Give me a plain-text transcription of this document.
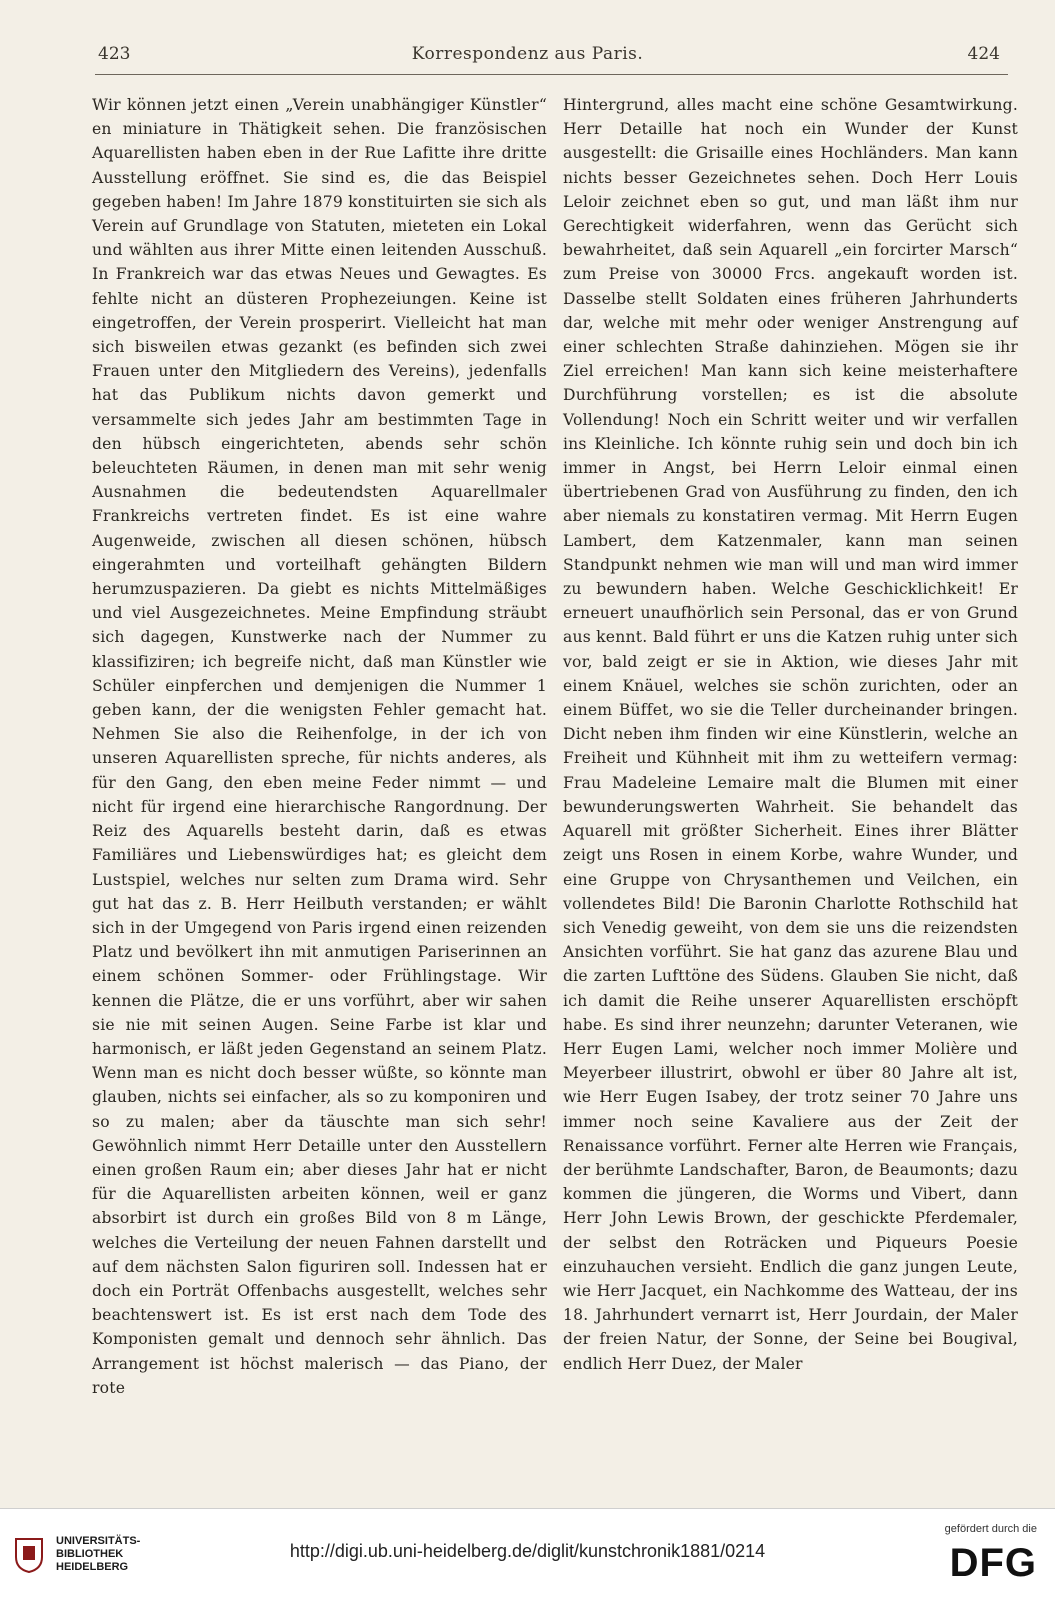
423	Korrespondenz aus Paris.	424

Wir können jetzt einen „Verein unabhängiger Künstler“ en miniature in Thätigkeit sehen. Die französischen Aquarellisten haben eben in der Rue Lafitte ihre dritte Ausstellung eröffnet. Sie sind es, die das Beispiel gegeben haben! Im Jahre 1879 konstituirten sie sich als Verein auf Grundlage von Statuten, mieteten ein Lokal und wählten aus ihrer Mitte einen leitenden Ausschuß. In Frankreich war das etwas Neues und Gewagtes. Es fehlte nicht an düsteren Prophezeiungen. Keine ist eingetroffen, der Verein prosperirt. Vielleicht hat man sich bisweilen etwas gezankt (es befinden sich zwei Frauen unter den Mitgliedern des Vereins), jedenfalls hat das Publikum nichts davon gemerkt und versammelte sich jedes Jahr am bestimmten Tage in den hübsch eingerichteten, abends sehr schön beleuchteten Räumen, in denen man mit sehr wenig Ausnahmen die bedeutendsten Aquarellmaler Frankreichs vertreten findet. Es ist eine wahre Augenweide, zwischen all diesen schönen, hübsch eingerahmten und vorteilhaft gehängten Bildern herumzuspazieren. Da giebt es nichts Mittelmäßiges und viel Ausgezeichnetes. Meine Empfindung sträubt sich dagegen, Kunstwerke nach der Nummer zu klassifiziren; ich begreife nicht, daß man Künstler wie Schüler einpferchen und demjenigen die Nummer 1 geben kann, der die wenigsten Fehler gemacht hat. Nehmen Sie also die Reihenfolge, in der ich von unseren Aquarellisten spreche, für nichts anderes, als für den Gang, den eben meine Feder nimmt — und nicht für irgend eine hierarchische Rangordnung. Der Reiz des Aquarells besteht darin, daß es etwas Familiäres und Liebenswürdiges hat; es gleicht dem Lustspiel, welches nur selten zum Drama wird. Sehr gut hat das z. B. Herr Heilbuth verstanden; er wählt sich in der Umgegend von Paris irgend einen reizenden Platz und bevölkert ihn mit anmutigen Pariserinnen an einem schönen Sommer- oder Frühlingstage. Wir kennen die Plätze, die er uns vorführt, aber wir sahen sie nie mit seinen Augen. Seine Farbe ist klar und harmonisch, er läßt jeden Gegenstand an seinem Platz. Wenn man es nicht doch besser wüßte, so könnte man glauben, nichts sei einfacher, als so zu komponiren und so zu malen; aber da täuschte man sich sehr! Gewöhnlich nimmt Herr Detaille unter den Ausstellern einen großen Raum ein; aber dieses Jahr hat er nicht für die Aquarellisten arbeiten können, weil er ganz absorbirt ist durch ein großes Bild von 8 m Länge, welches die Verteilung der neuen Fahnen darstellt und auf dem nächsten Salon figuriren soll. Indessen hat er doch ein Porträt Offenbachs ausgestellt, welches sehr beachtenswert ist. Es ist erst nach dem Tode des Komponisten gemalt und dennoch sehr ähnlich. Das Arrangement ist höchst malerisch — das Piano, der rote

Hintergrund, alles macht eine schöne Gesamtwirkung. Herr Detaille hat noch ein Wunder der Kunst ausgestellt: die Grisaille eines Hochländers. Man kann nichts besser Gezeichnetes sehen. Doch Herr Louis Leloir zeichnet eben so gut, und man läßt ihm nur Gerechtigkeit widerfahren, wenn das Gerücht sich bewahrheitet, daß sein Aquarell „ein forcirter Marsch“ zum Preise von 30000 Frcs. angekauft worden ist. Dasselbe stellt Soldaten eines früheren Jahrhunderts dar, welche mit mehr oder weniger Anstrengung auf einer schlechten Straße dahinziehen. Mögen sie ihr Ziel erreichen! Man kann sich keine meisterhaftere Durchführung vorstellen; es ist die absolute Vollendung! Noch ein Schritt weiter und wir verfallen ins Kleinliche. Ich könnte ruhig sein und doch bin ich immer in Angst, bei Herrn Leloir einmal einen übertriebenen Grad von Ausführung zu finden, den ich aber niemals zu konstatiren vermag. Mit Herrn Eugen Lambert, dem Katzenmaler, kann man seinen Standpunkt nehmen wie man will und man wird immer zu bewundern haben. Welche Geschicklichkeit! Er erneuert unaufhörlich sein Personal, das er von Grund aus kennt. Bald führt er uns die Katzen ruhig unter sich vor, bald zeigt er sie in Aktion, wie dieses Jahr mit einem Knäuel, welches sie schön zurichten, oder an einem Büffet, wo sie die Teller durcheinander bringen. Dicht neben ihm finden wir eine Künstlerin, welche an Freiheit und Kühnheit mit ihm zu wetteifern vermag: Frau Madeleine Lemaire malt die Blumen mit einer bewunderungswerten Wahrheit. Sie behandelt das Aquarell mit größter Sicherheit. Eines ihrer Blätter zeigt uns Rosen in einem Korbe, wahre Wunder, und eine Gruppe von Chrysanthemen und Veilchen, ein vollendetes Bild! Die Baronin Charlotte Rothschild hat sich Venedig geweiht, von dem sie uns die reizendsten Ansichten vorführt. Sie hat ganz das azurene Blau und die zarten Lufttöne des Südens. Glauben Sie nicht, daß ich damit die Reihe unserer Aquarellisten erschöpft habe. Es sind ihrer neunzehn; darunter Veteranen, wie Herr Eugen Lami, welcher noch immer Molière und Meyerbeer illustrirt, obwohl er über 80 Jahre alt ist, wie Herr Eugen Isabey, der trotz seiner 70 Jahre uns immer noch seine Kavaliere aus der Zeit der Renaissance vorführt. Ferner alte Herren wie Français, der berühmte Landschafter, Baron, de Beaumonts; dazu kommen die jüngeren, die Worms und Vibert, dann Herr John Lewis Brown, der geschickte Pferdemaler, der selbst den Roträcken und Piqueurs Poesie einzuhauchen versieht. Endlich die ganz jungen Leute, wie Herr Jacquet, ein Nachkomme des Watteau, der ins 18. Jahrhundert vernarrt ist, Herr Jourdain, der Maler der freien Natur, der Sonne, der Seine bei Bougival, endlich Herr Duez, der Maler

UNIVERSITÄTS-
BIBLIOTHEK
HEIDELBERG
http://digi.ub.uni-heidelberg.de/diglit/kunstchronik1881/0214
gefördert durch die
DFG
